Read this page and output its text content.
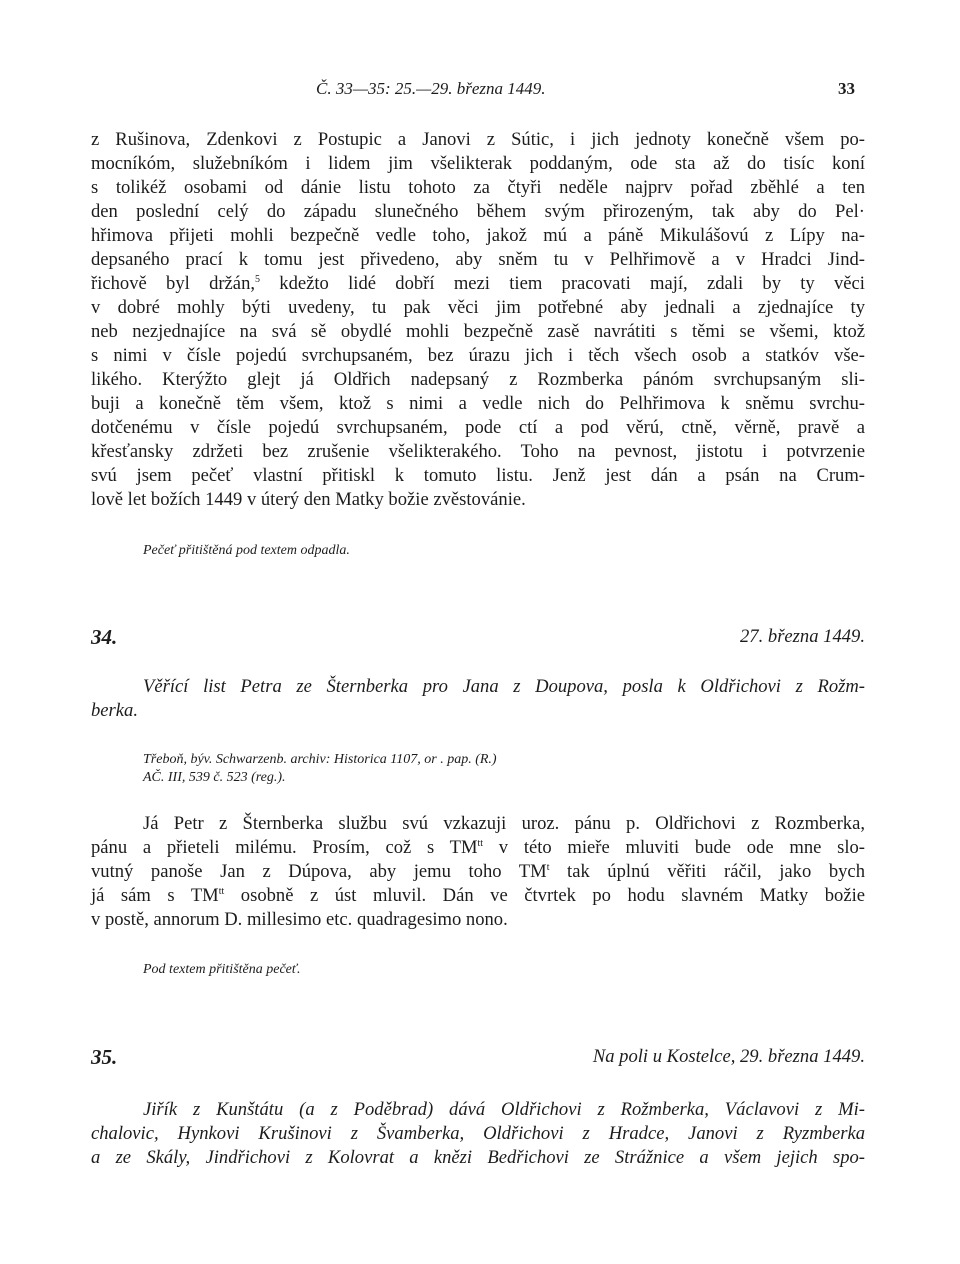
Č. 33—35: 25.—29. března 1449.	33
z Rušinova, Zdenkovi z Postupic a Janovi z Sútic, i jich jednoty konečně všem po-
mocníkóm, služebníkóm i lidem jim všelikterak poddaným, ode sta až do tisíc koní
s tolikéž osobami od dánie listu tohoto za čtyři neděle najprv pořad zběhlé a ten
den poslední celý do západu slunečného během svým přirozeným, tak aby do Pel·
hřimova přijeti mohli bezpečně vedle toho, jakož mú a páně Mikulášovú z Lípy na-
depsaného prací k tomu jest přivedeno, aby sněm tu v Pelhřimově a v Hradci Jind-
řichově byl držán,$^5$ kdežto lidé dobří mezi tiem pracovati mají, zdali by ty věci
v dobré mohly býti uvedeny, tu pak věci jim potřebné aby jednali a zjednajíce ty
neb nezjednajíce na svá sě obydlé mohli bezpečně zasě navrátiti s těmi se všemi, ktož
s nimi v čísle pojedú svrchupsaném, bez úrazu jich i těch všech osob a statkóv vše-
likého. Kterýžto glejt já Oldřich nadepsaný z Rozmberka pánóm svrchupsaným sli-
buji a konečně těm všem, ktož s nimi a vedle nich do Pelhřimova k sněmu svrchu-
dotčenému v čísle pojedú svrchupsaném, pode ctí a pod věrú, ctně, věrně, pravě a
křesťansky zdržeti bez zrušenie všelikterakého. Toho na pevnost, jistotu i potvrzenie
svú jsem pečeť vlastní přitiskl k tomuto listu. Jenž jest dán a psán na Crum-
lově let božích 1449 v úterý den Matky božie zvěstovánie.
Pečeť přitištěná pod textem odpadla.
34.	27. března 1449.
Věřící list Petra ze Šternberka pro Jana z Doupova, posla k Oldřichovi z Rožm-
berka.
Třeboň, býv. Schwarzenb. archiv: Historica 1107, or . pap. (R.)
AČ. III, 539 č. 523 (reg.).
Já Petr z Šternberka službu svú vzkazuji uroz. pánu p. Oldřichovi z Rozmberka,
pánu a přieteli milému. Prosím, což s $TM^{tt}$ v této mieře mluviti bude ode mne slo-
vutný panoše Jan z Dúpova, aby jemu toho $TM^t$ tak úplnú věřiti ráčil, jako bych
já sám s $TM^{tt}$ osobně z úst mluvil. Dán ve čtvrtek po hodu slavném Matky božie
v postě, annorum D. millesimo etc. quadragesimo nono.
Pod textem přitištěna pečeť.
35.	Na poli u Kostelce, 29. března 1449.
Jiřík z Kunštátu (a z Poděbrad) dává Oldřichovi z Rožmberka, Václavovi z Mi-
chalovic, Hynkovi Krušinovi z Švamberka, Oldřichovi z Hradce, Janovi z Ryzmberka
a ze Skály, Jindřichovi z Kolovrat a knězi Bedřichovi ze Strážnice a všem jejich spo-
